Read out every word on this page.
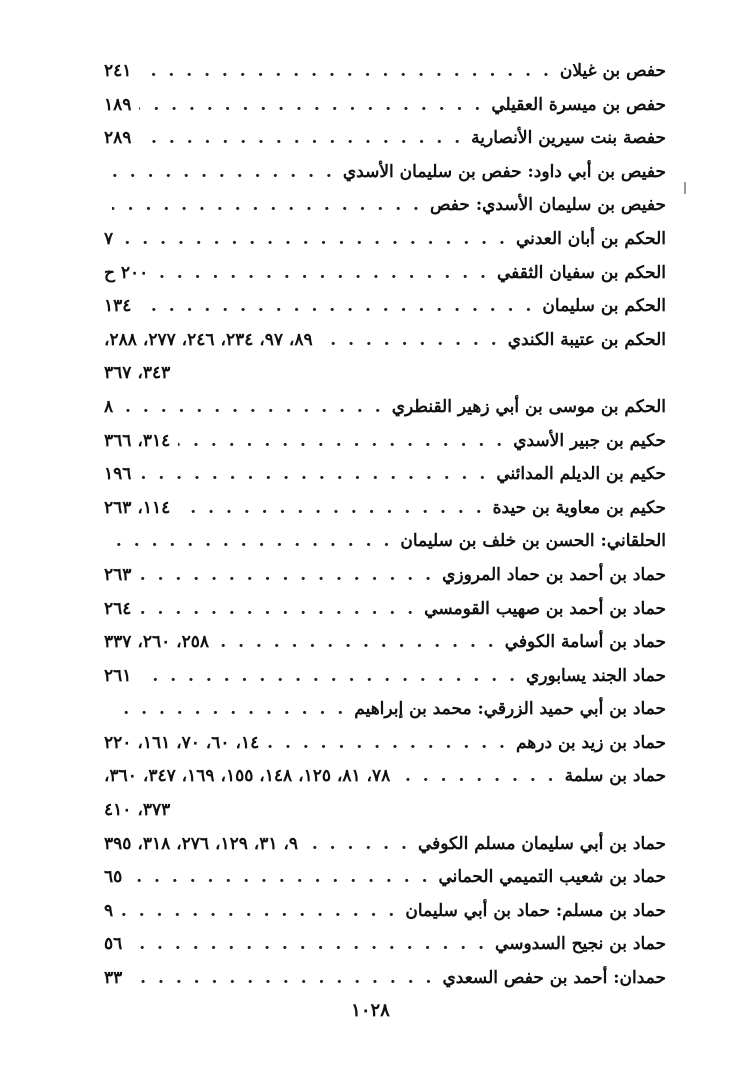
حفص بن غيلان
. . .
٢٤١
حفص بن ميسرة العقيلي
. . .
١٨٩
حفصة بنت سيرين الأنصارية
. . .
٢٨٩
حفيص بن أبي داود: حفص بن سليمان الأسدي
. . .
حفيص بن سليمان الأسدي: حفص
. . .
الحكم بن أبان العدني
. . .
٧
الحكم بن سفيان الثقفي
. . .
٢٠٠ ح
الحكم بن سليمان
. . .
١٣٤
الحكم بن عتيبة الكندي
. . .
٨٩، ٩٧، ٢٣٤، ٢٤٦، ٢٧٧، ٢٨٨،
٣٤٣، ٣٦٧
الحكم بن موسى بن أبي زهير القنطري
. . .
٨
حكيم بن جبير الأسدي
. . .
٣١٤، ٣٦٦
حكيم بن الديلم المدائني
. . .
١٩٦
حكيم بن معاوية بن حيدة
. . .
١١٤، ٢٦٣
الحلقاني: الحسن بن خلف بن سليمان
. . .
حماد بن أحمد بن حماد المروزي
. . .
٢٦٣
حماد بن أحمد بن صهيب القومسي
. . .
٢٦٤
حماد بن أسامة الكوفي
. . .
٢٥٨، ٢٦٠، ٣٣٧
حماد الجند يسابوري
. . .
٢٦١
حماد بن أبي حميد الزرقي: محمد بن إبراهيم
. . .
حماد بن زيد بن درهم
. . .
١٤، ٦٠، ٧٠، ١٦١، ٢٢٠
حماد بن سلمة
. . .
٧٨، ٨١، ١٢٥، ١٤٨، ١٥٥، ١٦٩، ٣٤٧، ٣٦٠،
٣٧٣، ٤١٠
حماد بن أبي سليمان مسلم الكوفي
. . .
٩، ٣١، ١٢٩، ٢٧٦، ٣١٨، ٣٩٥
حماد بن شعيب التميمي الحماني
. . .
٦٥
حماد بن مسلم: حماد بن أبي سليمان
. . .
٩
حماد بن نجيح السدوسي
. . .
٥٦
حمدان: أحمد بن حفص السعدي
. . .
٣٣
١٠٢٨
